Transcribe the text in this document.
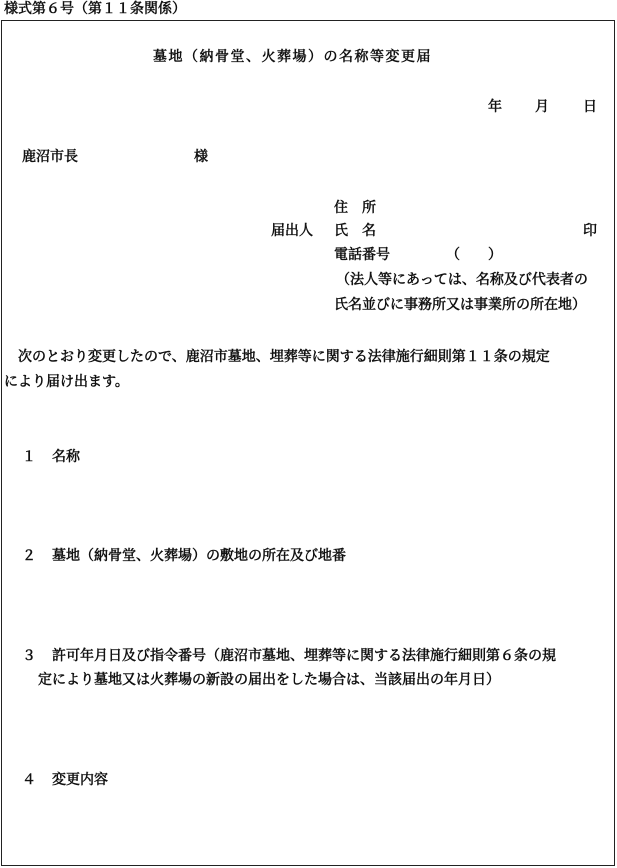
様式第６号（第１１条関係）
墓地（納骨堂、火葬場）の名称等変更届
年 月 日
鹿沼市長	様
住　所
届出人 氏　名	印
電話番号	（　　）
（法人等にあっては、名称及び代表者の
氏名並びに事務所又は事業所の所在地）
　次のとおり変更したので、鹿沼市墓地、埋葬等に関する法律施行細則第１１条の規定
により届け出ます。
１ 名称
２ 墓地（納骨堂、火葬場）の敷地の所在及び地番
３ 許可年月日及び指令番号（鹿沼市墓地、埋葬等に関する法律施行細則第６条の規
定により墓地又は火葬場の新設の届出をした場合は、当該届出の年月日）
４ 変更内容
